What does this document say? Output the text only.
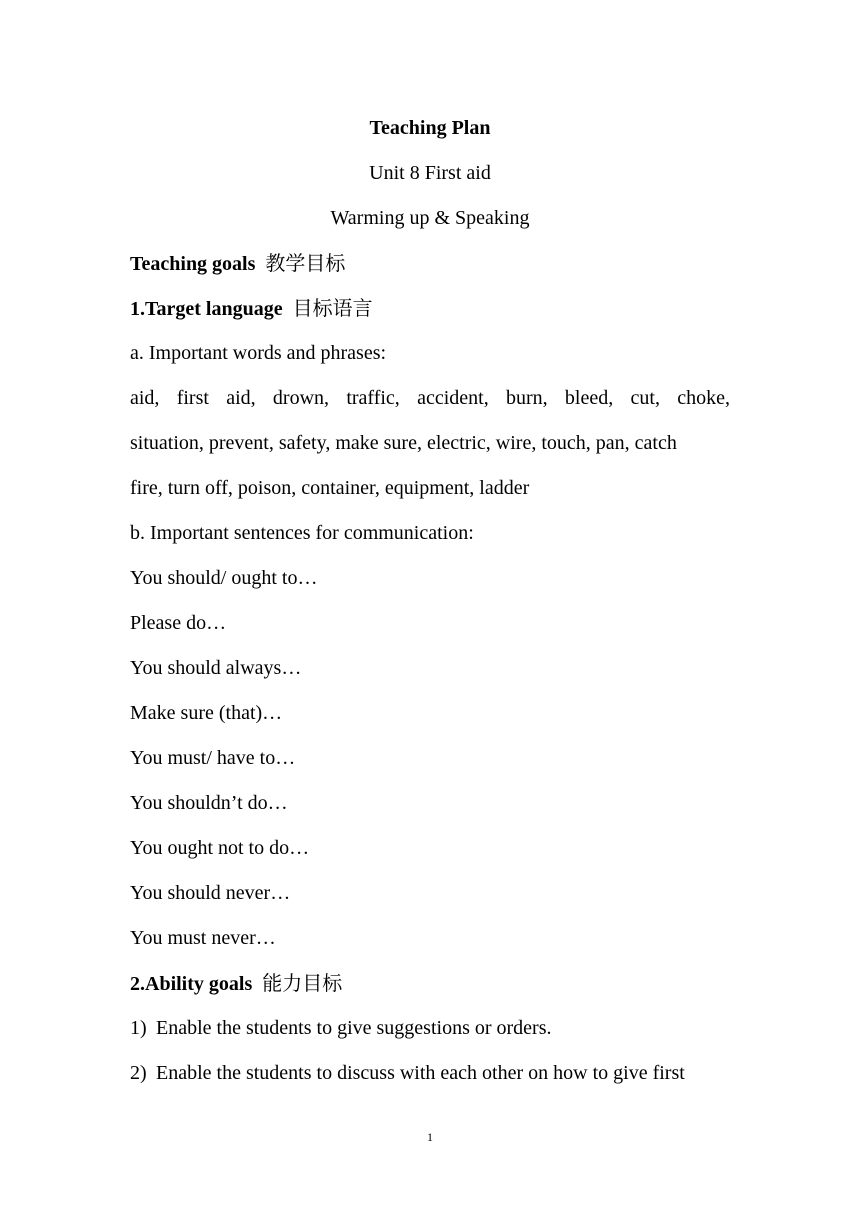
Teaching Plan
Unit 8 First aid
Warming up & Speaking
Teaching goals 教学目标
1.Target language 目标语言
a. Important words and phrases:
aid, first aid, drown, traffic, accident, burn, bleed, cut, choke,
situation, prevent, safety, make sure, electric, wire, touch, pan, catch
fire, turn off, poison, container, equipment, ladder
b. Important sentences for communication:
You should/ ought to…
Please do…
You should always…
Make sure (that)…
You must/ have to…
You shouldn’t do…
You ought not to do…
You should never…
You must never…
2.Ability goals 能力目标
1) Enable the students to give suggestions or orders.
2) Enable the students to discuss with each other on how to give first
1
